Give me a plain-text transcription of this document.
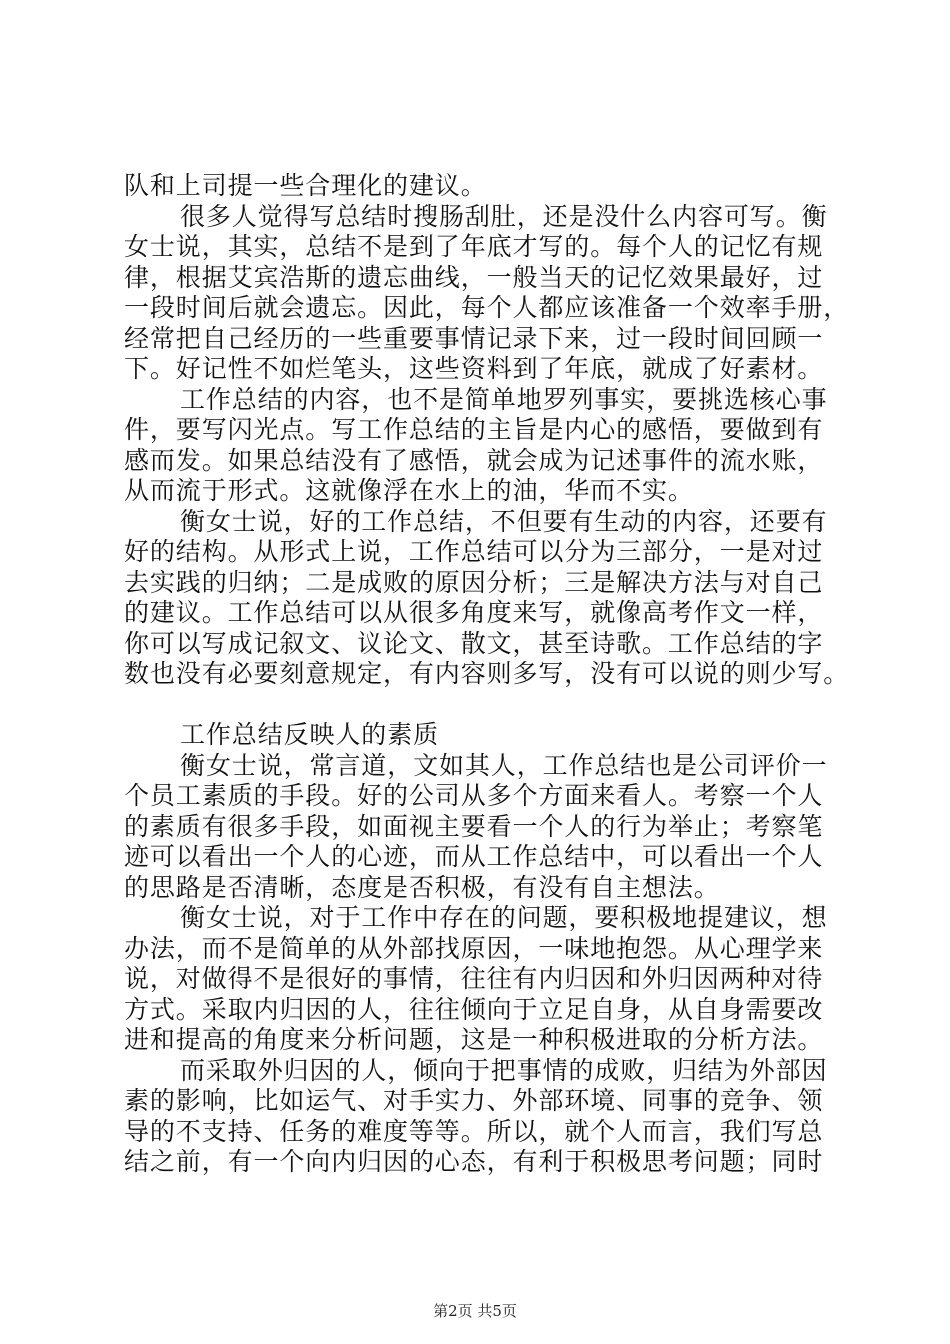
队和上司提一些合理化的建议。
很多人觉得写总结时搜肠刮肚，还是没什么内容可写。衡
女士说，其实，总结不是到了年底才写的。每个人的记忆有规
律，根据艾宾浩斯的遗忘曲线，一般当天的记忆效果最好，过
一段时间后就会遗忘。因此，每个人都应该准备一个效率手册，
经常把自己经历的一些重要事情记录下来，过一段时间回顾一
下。好记性不如烂笔头，这些资料到了年底，就成了好素材。
工作总结的内容，也不是简单地罗列事实，要挑选核心事
件，要写闪光点。写工作总结的主旨是内心的感悟，要做到有
感而发。如果总结没有了感悟，就会成为记述事件的流水账，
从而流于形式。这就像浮在水上的油，华而不实。
衡女士说，好的工作总结，不但要有生动的内容，还要有
好的结构。从形式上说，工作总结可以分为三部分，一是对过
去实践的归纳；二是成败的原因分析；三是解决方法与对自己
的建议。工作总结可以从很多角度来写，就像高考作文一样，
你可以写成记叙文、议论文、散文，甚至诗歌。工作总结的字
数也没有必要刻意规定，有内容则多写，没有可以说的则少写。
工作总结反映人的素质
衡女士说，常言道，文如其人，工作总结也是公司评价一
个员工素质的手段。好的公司从多个方面来看人。考察一个人
的素质有很多手段，如面视主要看一个人的行为举止；考察笔
迹可以看出一个人的心迹，而从工作总结中，可以看出一个人
的思路是否清晰，态度是否积极，有没有自主想法。
衡女士说，对于工作中存在的问题，要积极地提建议，想
办法，而不是简单的从外部找原因，一味地抱怨。从心理学来
说，对做得不是很好的事情，往往有内归因和外归因两种对待
方式。采取内归因的人，往往倾向于立足自身，从自身需要改
进和提高的角度来分析问题，这是一种积极进取的分析方法。
而采取外归因的人，倾向于把事情的成败，归结为外部因
素的影响，比如运气、对手实力、外部环境、同事的竞争、领
导的不支持、任务的难度等等。所以，就个人而言，我们写总
结之前，有一个向内归因的心态，有利于积极思考问题；同时
第2页 共5页
